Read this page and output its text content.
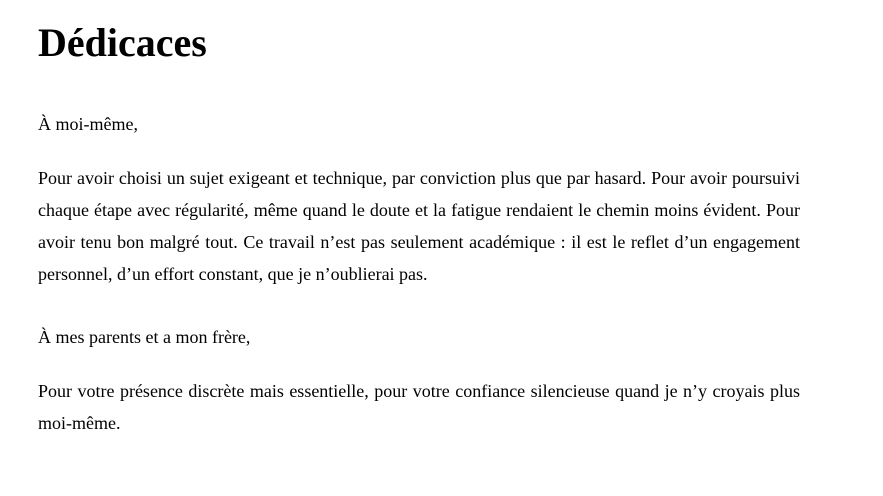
Dédicaces

À moi-même,

Pour avoir choisi un sujet exigeant et technique, par conviction plus que par hasard. Pour avoir poursuivi chaque étape avec régularité, même quand le doute et la fatigue rendaient le chemin moins évident. Pour avoir tenu bon malgré tout. Ce travail n’est pas seulement académique : il est le reflet d’un engagement personnel, d’un effort constant, que je n’oublierai pas.

À mes parents et a mon frère,

Pour votre présence discrète mais essentielle, pour votre confiance silencieuse quand je n’y croyais plus moi-même.
